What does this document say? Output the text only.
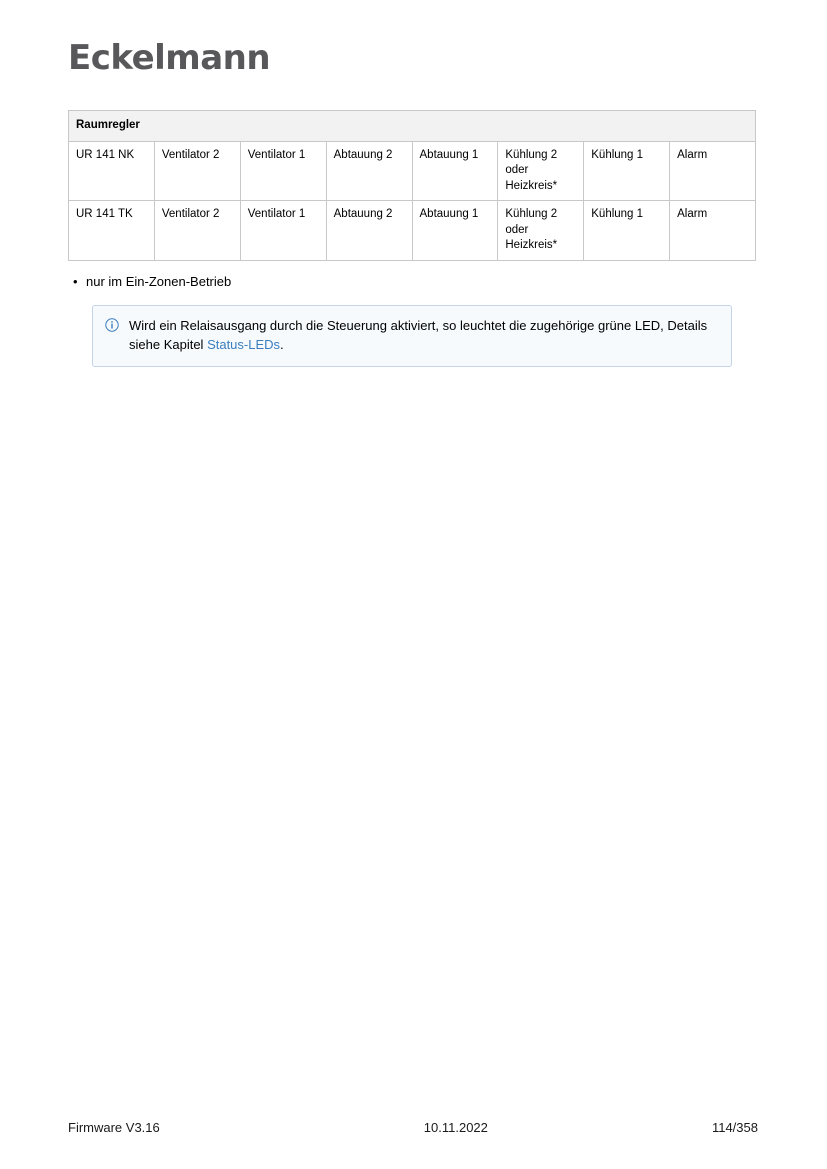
Eckelmann
Raumregler							
UR 141 NK	Ventilator 2	Ventilator 1	Abtauung 2	Abtauung 1	Kühlung 2 oder Heizkreis*	Kühlung 1	Alarm
UR 141 TK	Ventilator 2	Ventilator 1	Abtauung 2	Abtauung 1	Kühlung 2 oder Heizkreis*	Kühlung 1	Alarm
• nur im Ein-Zonen-Betrieb
Wird ein Relaisausgang durch die Steuerung aktiviert, so leuchtet die zugehörige grüne LED, Details siehe Kapitel Status-LEDs.
Firmware V3.16	10.11.2022	114/358
